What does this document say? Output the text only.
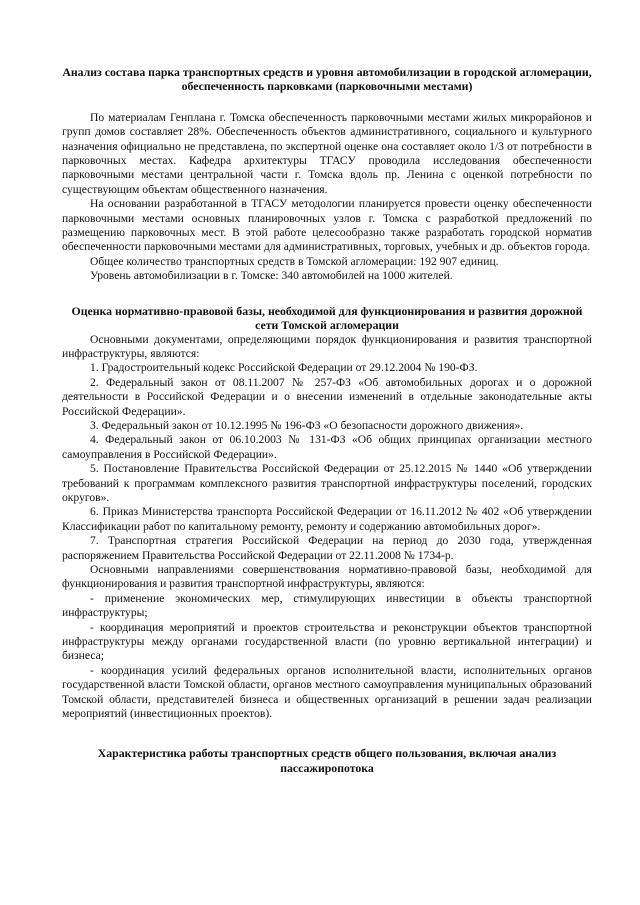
Анализ состава парка транспортных средств и уровня автомобилизации в городской агломерации, обеспеченность парковками (парковочными местами)

По материалам Генплана г. Томска обеспеченность парковочными местами жилых микрорайонов и групп домов составляет 28%. Обеспеченность объектов административного, социального и культурного назначения официально не представлена, по экспертной оценке она составляет около 1/3 от потребности в парковочных местах. Кафедра архитектуры ТГАСУ проводила исследования обеспеченности парковочными местами центральной части г. Томска вдоль пр. Ленина с оценкой потребности по существующим объектам общественного назначения.

На основании разработанной в ТГАСУ методологии планируется провести оценку обеспеченности парковочными местами основных планировочных узлов г. Томска с разработкой предложений по размещению парковочных мест. В этой работе целесообразно также разработать городской норматив обеспеченности парковочными местами для административных, торговых, учебных и др. объектов города.

Общее количество транспортных средств в Томской агломерации: 192 907 единиц.

Уровень автомобилизации в г. Томске: 340 автомобилей на 1000 жителей.

Оценка нормативно-правовой базы, необходимой для функционирования и развития дорожной сети Томской агломерации

Основными документами, определяющими порядок функционирования и развития транспортной инфраструктуры, являются:

1. Градостроительный кодекс Российской Федерации от 29.12.2004 № 190-ФЗ.

2. Федеральный закон от 08.11.2007 № 257-ФЗ «Об автомобильных дорогах и о дорожной деятельности в Российской Федерации и о внесении изменений в отдельные законодательные акты Российской Федерации».

3. Федеральный закон от 10.12.1995 № 196-ФЗ «О безопасности дорожного движения».

4. Федеральный закон от 06.10.2003 № 131-ФЗ «Об общих принципах организации местного самоуправления в Российской Федерации».

5. Постановление Правительства Российской Федерации от 25.12.2015 № 1440 «Об утверждении требований к программам комплексного развития транспортной инфраструктуры поселений, городских округов».

6. Приказ Министерства транспорта Российской Федерации от 16.11.2012 № 402 «Об утверждении Классификации работ по капитальному ремонту, ремонту и содержанию автомобильных дорог».

7. Транспортная стратегия Российской Федерации на период до 2030 года, утвержденная распоряжением Правительства Российской Федерации от 22.11.2008 № 1734-р.

Основными направлениями совершенствования нормативно-правовой базы, необходимой для функционирования и развития транспортной инфраструктуры, являются:

- применение экономических мер, стимулирующих инвестиции в объекты транспортной инфраструктуры;

- координация мероприятий и проектов строительства и реконструкции объектов транспортной инфраструктуры между органами государственной власти (по уровню вертикальной интеграции) и бизнеса;

- координация усилий федеральных органов исполнительной власти, исполнительных органов государственной власти Томской области, органов местного самоуправления муниципальных образований Томской области, представителей бизнеса и общественных организаций в решении задач реализации мероприятий (инвестиционных проектов).

Характеристика работы транспортных средств общего пользования, включая анализ пассажиропотока
